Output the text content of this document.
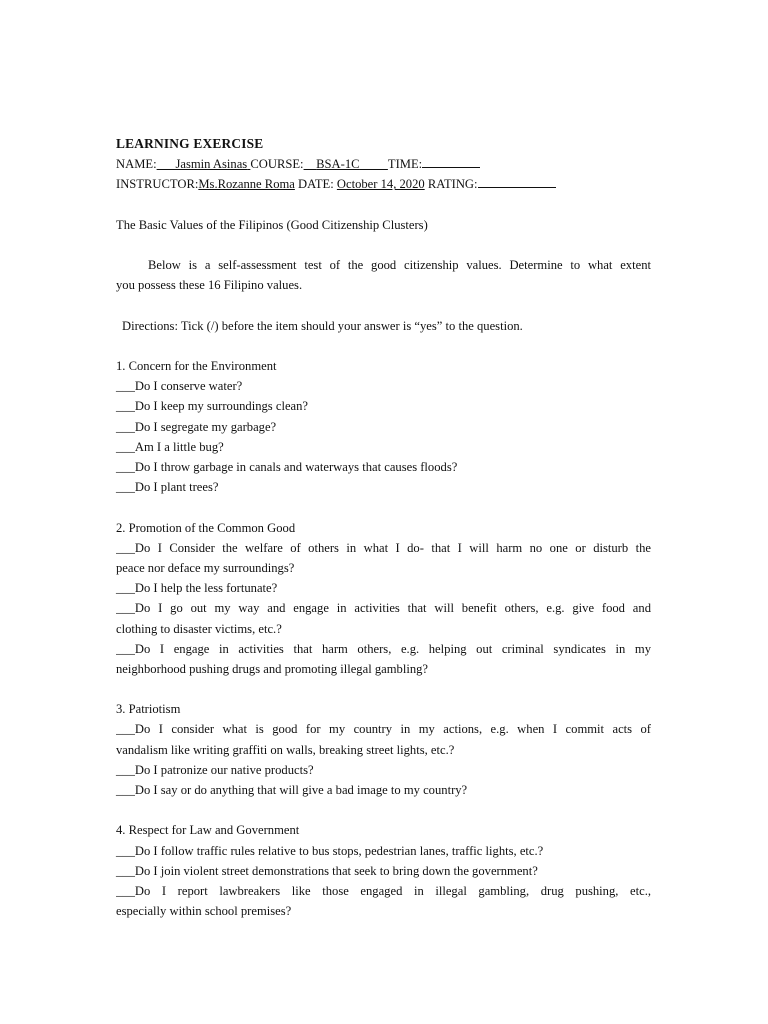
LEARNING EXERCISE
NAME: Jasmin Asinas COURSE: BSA-1C TIME:
INSTRUCTOR:Ms.Rozanne Roma DATE: October 14, 2020 RATING:
The Basic Values of the Filipinos (Good Citizenship Clusters)
Below is a self-assessment test of the good citizenship values. Determine to what extent
you possess these 16 Filipino values.
Directions: Tick (/) before the item should your answer is “yes” to the question.
1. Concern for the Environment
___Do I conserve water?
___Do I keep my surroundings clean?
___Do I segregate my garbage?
___Am I a little bug?
___Do I throw garbage in canals and waterways that causes floods?
___Do I plant trees?
2. Promotion of the Common Good
___Do I Consider the welfare of others in what I do- that I will harm no one or disturb the
peace nor deface my surroundings?
___Do I help the less fortunate?
___Do I go out my way and engage in activities that will benefit others, e.g. give food and
clothing to disaster victims, etc.?
___Do I engage in activities that harm others, e.g. helping out criminal syndicates in my
neighborhood pushing drugs and promoting illegal gambling?
3. Patriotism
___Do I consider what is good for my country in my actions, e.g. when I commit acts of
vandalism like writing graffiti on walls, breaking street lights, etc.?
___Do I patronize our native products?
___Do I say or do anything that will give a bad image to my country?
4. Respect for Law and Government
___Do I follow traffic rules relative to bus stops, pedestrian lanes, traffic lights, etc.?
___Do I join violent street demonstrations that seek to bring down the government?
___Do I report lawbreakers like those engaged in illegal gambling, drug pushing, etc.,
especially within school premises?
